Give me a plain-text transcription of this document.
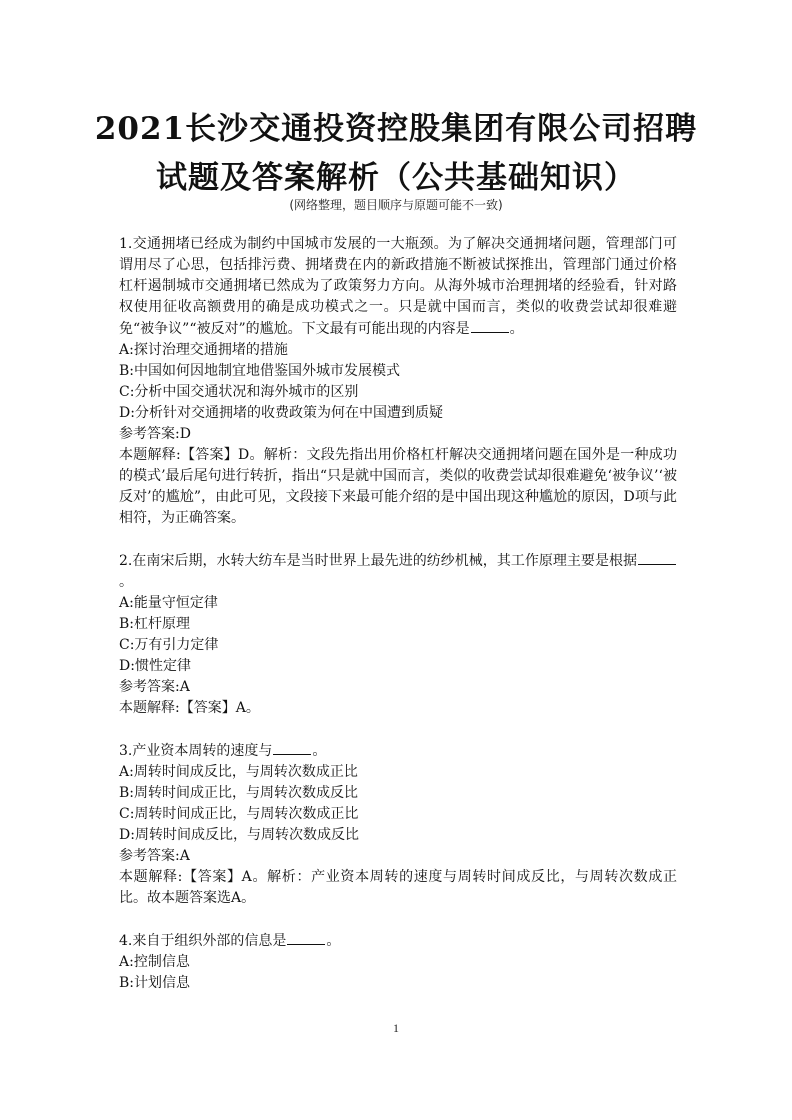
2021长沙交通投资控股集团有限公司招聘
试题及答案解析（公共基础知识）
(网络整理，题目顺序与原题可能不一致)
1.交通拥堵已经成为制约中国城市发展的一大瓶颈。为了解决交通拥堵问题，管理部门可谓用尽了心思，包括排污费、拥堵费在内的新政措施不断被试探推出，管理部门通过价格杠杆遏制城市交通拥堵已然成为了政策努力方向。从海外城市治理拥堵的经验看，针对路权使用征收高额费用的确是成功模式之一。只是就中国而言，类似的收费尝试却很难避免“被争议”“被反对”的尴尬。下文最有可能出现的内容是	。
A:探讨治理交通拥堵的措施
B:中国如何因地制宜地借鉴国外城市发展模式
C:分析中国交通状况和海外城市的区别
D:分析针对交通拥堵的收费政策为何在中国遭到质疑
参考答案:D
本题解释:【答案】D。解析：文段先指出用价格杠杆解决交通拥堵问题在国外是一种成功的模式’最后尾句进行转折，指出“只是就中国而言，类似的收费尝试却很难避免‘被争议’‘被反对’的尴尬”，由此可见，文段接下来最可能介绍的是中国出现这种尴尬的原因，D项与此相符，为正确答案。
2.在南宋后期，水转大纺车是当时世界上最先进的纺纱机械，其工作原理主要是根据。
A:能量守恒定律
B:杠杆原理
C:万有引力定律
D:惯性定律
参考答案:A
本题解释:【答案】A。
3.产业资本周转的速度与	。
A:周转时间成反比，与周转次数成正比
B:周转时间成正比，与周转次数成反比
C:周转时间成正比，与周转次数成正比
D:周转时间成反比，与周转次数成反比
参考答案:A
本题解释:【答案】A。解析：产业资本周转的速度与周转时间成反比，与周转次数成正比。故本题答案选A。
4.来自于组织外部的信息是	。
A:控制信息
B:计划信息
1
